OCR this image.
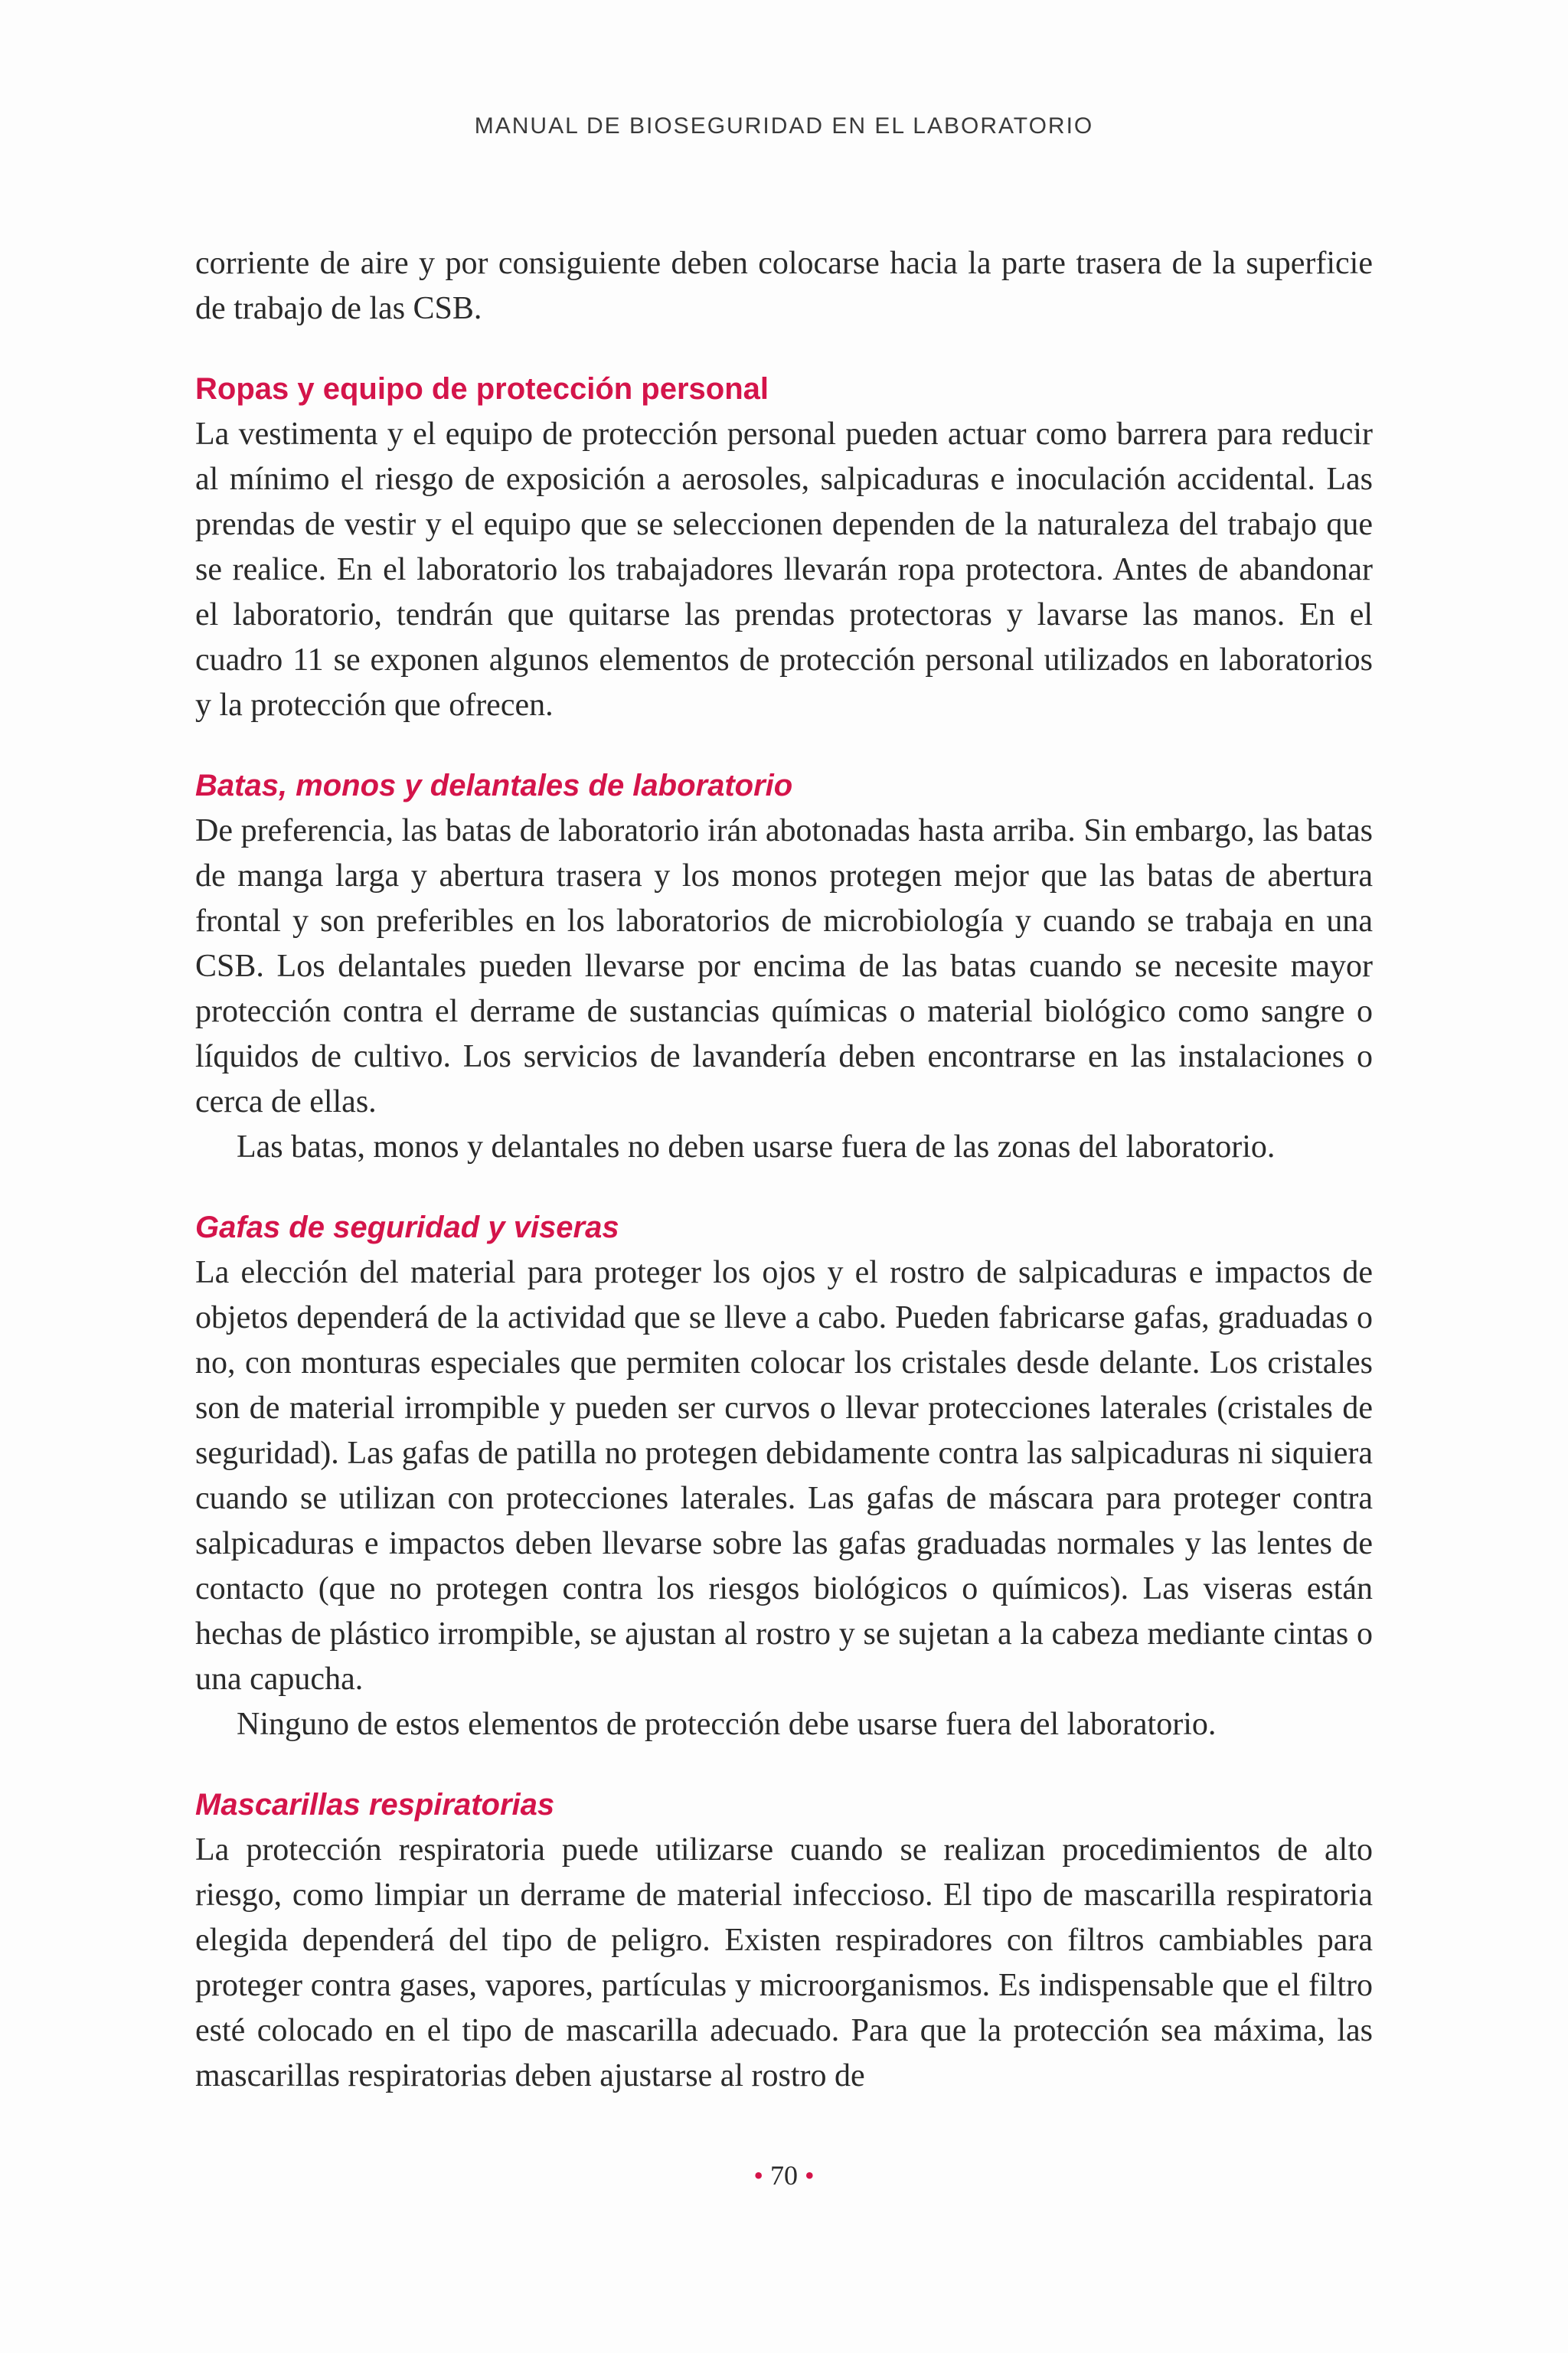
MANUAL DE BIOSEGURIDAD EN EL LABORATORIO

corriente de aire y por consiguiente deben colocarse hacia la parte trasera de la superficie de trabajo de las CSB.

Ropas y equipo de protección personal

La vestimenta y el equipo de protección personal pueden actuar como barrera para reducir al mínimo el riesgo de exposición a aerosoles, salpicaduras e inoculación accidental. Las prendas de vestir y el equipo que se seleccionen dependen de la naturaleza del trabajo que se realice. En el laboratorio los trabajadores llevarán ropa protectora. Antes de abandonar el laboratorio, tendrán que quitarse las prendas protectoras y lavarse las manos. En el cuadro 11 se exponen algunos elementos de protección personal utilizados en laboratorios y la protección que ofrecen.

Batas, monos y delantales de laboratorio

De preferencia, las batas de laboratorio irán abotonadas hasta arriba. Sin embargo, las batas de manga larga y abertura trasera y los monos protegen mejor que las batas de abertura frontal y son preferibles en los laboratorios de microbiología y cuando se trabaja en una CSB. Los delantales pueden llevarse por encima de las batas cuando se necesite mayor protección contra el derrame de sustancias químicas o material biológico como sangre o líquidos de cultivo. Los servicios de lavandería deben encontrarse en las instalaciones o cerca de ellas.

Las batas, monos y delantales no deben usarse fuera de las zonas del laboratorio.

Gafas de seguridad y viseras

La elección del material para proteger los ojos y el rostro de salpicaduras e impactos de objetos dependerá de la actividad que se lleve a cabo. Pueden fabricarse gafas, graduadas o no, con monturas especiales que permiten colocar los cristales desde delante. Los cristales son de material irrompible y pueden ser curvos o llevar protecciones laterales (cristales de seguridad). Las gafas de patilla no protegen debidamente contra las salpicaduras ni siquiera cuando se utilizan con protecciones laterales. Las gafas de máscara para proteger contra salpicaduras e impactos deben llevarse sobre las gafas graduadas normales y las lentes de contacto (que no protegen contra los riesgos biológicos o químicos). Las viseras están hechas de plástico irrompible, se ajustan al rostro y se sujetan a la cabeza mediante cintas o una capucha.

Ninguno de estos elementos de protección debe usarse fuera del laboratorio.

Mascarillas respiratorias

La protección respiratoria puede utilizarse cuando se realizan procedimientos de alto riesgo, como limpiar un derrame de material infeccioso. El tipo de mascarilla respiratoria elegida dependerá del tipo de peligro. Existen respiradores con filtros cambiables para proteger contra gases, vapores, partículas y microorganismos. Es indispensable que el filtro esté colocado en el tipo de mascarilla adecuado. Para que la protección sea máxima, las mascarillas respiratorias deben ajustarse al rostro de

• 70 •
